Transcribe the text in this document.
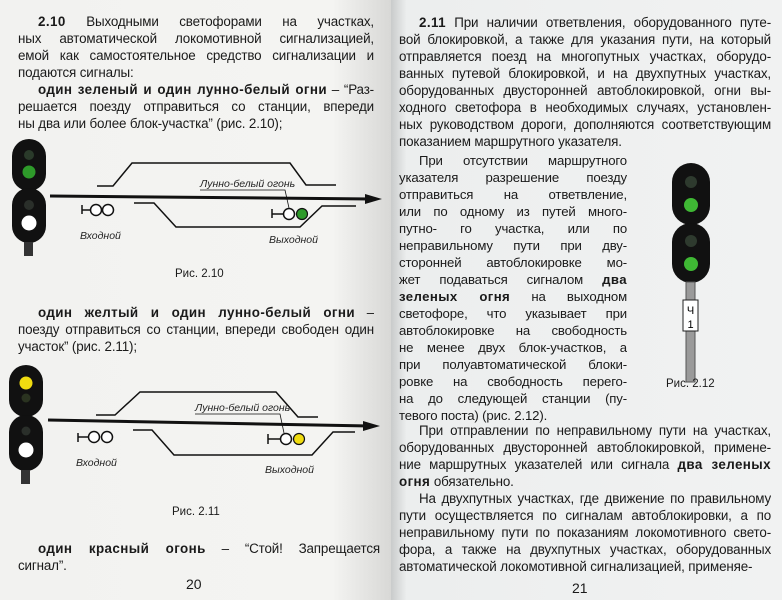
2.10 Выходными светофорами на участках,
ных автоматической локомотивной сигнализацией,
емой как самостоятельное средство сигнализации и
подаются сигналы:
один зеленый и один лунно-белый огни – “Раз-
решается поезду отправиться со станции, впереди
ны два или более блок-участка” (рис. 2.10);
Лунно-белый огонь
Входной	Выходной
Рис. 2.10
один желтый и один лунно-белый огни –
поезду отправиться со станции, впереди свободен один
участок” (рис. 2.11);
Лунно-белый огонь
Входной
Выходной
Рис. 2.11
один красный огонь – “Стой! Запрещается
сигнал”.
20
2.11 При наличии ответвления, оборудованного путе-
вой блокировкой, а также для указания пути, на который
отправляется поезд на многопутных участках, оборудо-
ванных путевой блокировкой, и на двухпутных участках,
оборудованных двусторонней автоблокировкой, огни вы-
ходного светофора в необходимых случаях, установлен-
ных руководством дороги, дополняются соответствующим
показанием маршрутного указателя.
При отсутствии маршрутного
указателя разрешение поезду
отправиться на ответвление,
или по одному из путей много-
путно- го участка, или по
неправильному пути при дву-
сторонней автоблокировке мо-
жет подаваться сигналом два
зеленых огня на выходном
светофоре, что указывает при
автоблокировке на свободность
не менее двух блок-участков, а
при полуавтоматической блоки-
ровке на свободность перего-
на до следующей станции (пу-
тевого поста) (рис. 2.12).
Ч
1
Рис. 2.12
При отправлении по неправильному пути на участках,
оборудованных двусторонней автоблокировкой, примене-
ние маршрутных указателей или сигнала два зеленых
огня обязательно.
На двухпутных участках, где движение по правильному
пути осуществляется по сигналам автоблокировки, а по
неправильному пути по показаниям локомотивного свето-
фора, а также на двухпутных участках, оборудованных
автоматической локомотивной сигнализацией, применяе-
21
